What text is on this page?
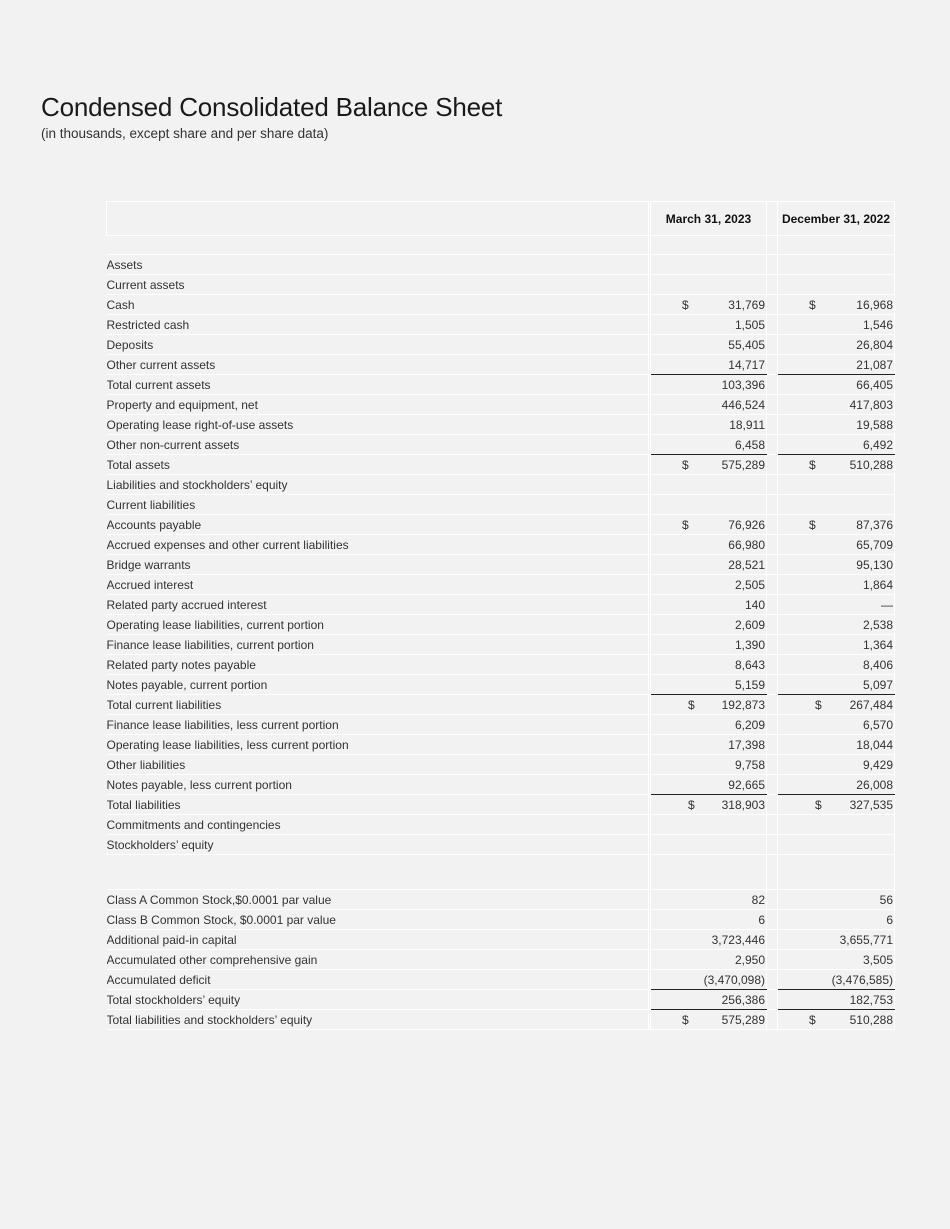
Condensed Consolidated Balance Sheet

(in thousands, except share and per share data)

		March 31, 2023		December 31, 2022

Assets				
Current assets				
Cash		$ 31,769		$ 16,968

Restricted cash		1,505		1,546

Deposits		55,405		26,804

Other current assets		14,717		21,087

Total current assets		103,396		66,405

Property and equipment, net		446,524		417,803

Operating lease right-of-use assets		18,911		19,588

Other non-current assets		6,458		6,492

Total assets		$ 575,289		$ 510,288

Liabilities and stockholders’ equity				
Current liabilities				
Accounts payable		$ 76,926		$ 87,376

Accrued expenses and other current liabilities		66,980		65,709

Bridge warrants		28,521		95,130

Accrued interest		2,505		1,864

Related party accrued interest		140		—

Operating lease liabilities, current portion		2,609		2,538

Finance lease liabilities, current portion		1,390		1,364

Related party notes payable		8,643		8,406

Notes payable, current portion		5,159		5,097

Total current liabilities		$ 192,873		$ 267,484

Finance lease liabilities, less current portion		6,209		6,570

Operating lease liabilities, less current portion		17,398		18,044

Other liabilities		9,758		9,429

Notes payable, less current portion		92,665		26,008

Total liabilities		$ 318,903		$ 327,535

Commitments and contingencies				
Stockholders’ equity				

Class A Common Stock,$0.0001 par value		82		56

Class B Common Stock, $0.0001 par value		6		6

Additional paid-in capital		3,723,446		3,655,771

Accumulated other comprehensive gain		2,950		3,505

Accumulated deficit		(3,470,098)		(3,476,585)

Total stockholders’ equity		256,386		182,753

Total liabilities and stockholders’ equity		$ 575,289		$ 510,288
